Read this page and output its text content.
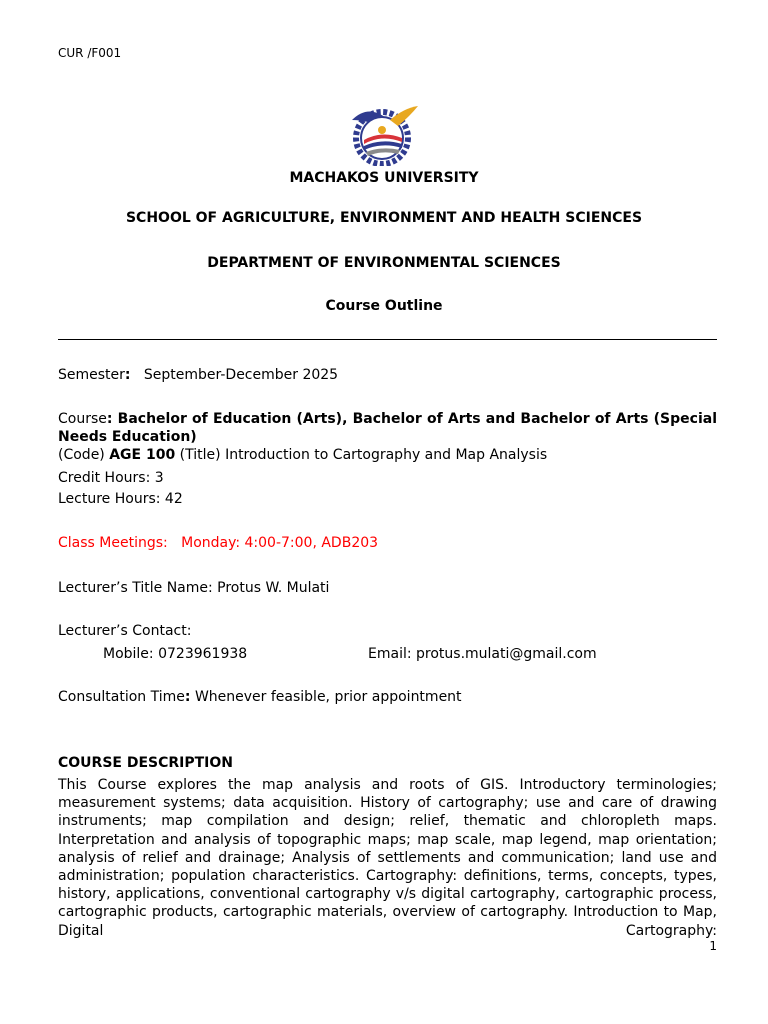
CUR /F001
MACHAKOS UNIVERSITY
SCHOOL OF AGRICULTURE, ENVIRONMENT AND HEALTH SCIENCES
DEPARTMENT OF ENVIRONMENTAL SCIENCES
Course Outline
Semester: September-December 2025
Course: Bachelor of Education (Arts), Bachelor of Arts and Bachelor of Arts (Special Needs Education)
(Code) AGE 100 (Title) Introduction to Cartography and Map Analysis
Credit Hours: 3
Lecture Hours: 42
Class Meetings: Monday: 4:00-7:00, ADB203
Lecturer’s Title Name: Protus W. Mulati
Lecturer’s Contact:
Mobile: 0723961938	Email: protus.mulati@gmail.com
Consultation Time: Whenever feasible, prior appointment
COURSE DESCRIPTION
This Course explores the map analysis and roots of GIS. Introductory terminologies; measurement systems; data acquisition. History of cartography; use and care of drawing instruments; map compilation and design; relief, thematic and chloropleth maps. Interpretation and analysis of topographic maps; map scale, map legend, map orientation; analysis of relief and drainage; Analysis of settlements and communication; land use and administration; population characteristics. Cartography: definitions, terms, concepts, types, history, applications, conventional cartography v/s digital cartography, cartographic process, cartographic products, cartographic materials, overview of cartography. Introduction to Map, Digital Cartography:
1
